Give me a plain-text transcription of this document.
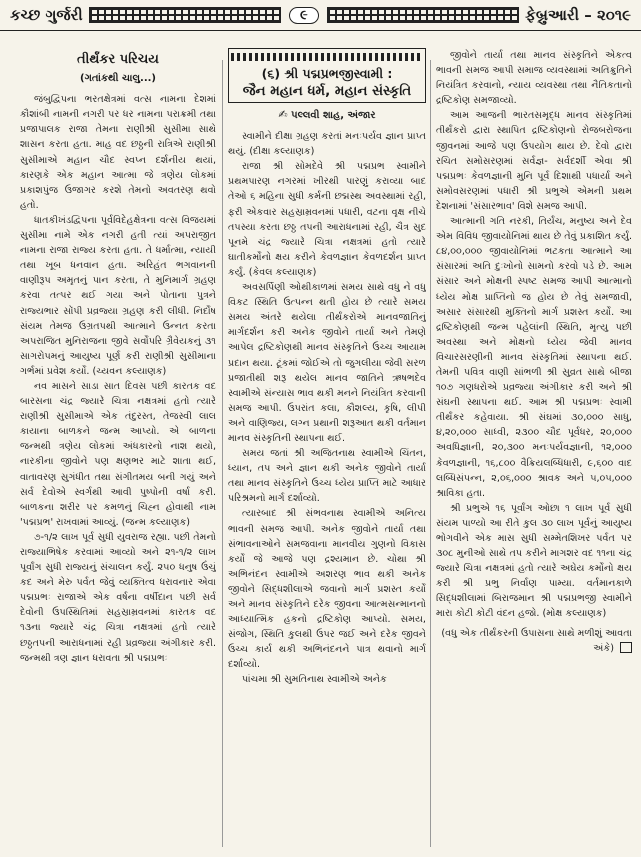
કચ્છ ગુર્જરી	૯	ફેબ્રુઆરી – ૨૦૧૯
તીર્થંકર પરિચય
(ગતાંકથી ચાલુ...)

જંબુદ્વિપના ભરતક્ષેત્રમાં વત્સ નામના દેશમાં કૌશાંબી નામની નગરી પર ધર નામના પરાક્રમી તથા પ્રજાપાલક રાજા તેમના રાણીશ્રી સુસીમા સાથે શાસન કરતા હતા. માહ વદ છઠ્ઠની રાત્રિએ રાણીશ્રી સુસીમાએ મહાન ચૌદ સ્વપ્ન દર્શનીય થયાં, કારણકે એક મહાન આત્મા જે ત્રણેય લોકમાં પ્રકાશપુંજ ઉજાગર કરશે તેમનો અવતરણ થવો હતો.

ધાતકીખંડદ્વિપના પૂર્વવિદેહક્ષેત્રના વત્સ વિજયમાં સુસીમા નામે એક નગરી હતી ત્યાં અપરાજીત નામના રાજા રાજ્ય કરતા હતા. તે ધર્માત્મા, ન્યાયી તથા ખૂબ ધનવાન હતા. અરિહંત ભગવાનની વાણીરૂપ અમૃતનું પાન કરતા, તે મુનિમાર્ગ ગ્રહણ કરવા તત્પર થઈ ગયા અને પોતાના પુત્રને રાજ્યભાર સોંપી પ્રવ્રજ્યા ગ્રહણ કરી લીધી. નિર્દોષ સંયમ તેમજ ઉગ્રતપથી આત્માને ઉન્નત કરતા અપરાજિત મુનિરાજના જીવે સર્વોપરિ ગ્રૈવેયકનું ૩૧ સાગરોપમનું આયુષ્ય પૂર્ણ કરી રાણીશ્રી સુસીમાના ગર્ભમાં પ્રવેશ કર્યો. (ચ્યવન કલ્યાણક)

નવ માસને સાડા સાત દિવસ પછી કારતક વદ બારસના ચંદ્ર જ્યારે ચિત્રા નક્ષત્રમાં હતો ત્યારે રાણીશ્રી સુસીમાએ એક તંદુરસ્ત, તેજસ્વી લાલ કાયાના બાળકને જન્મ આપ્યો. એ બાળના જન્મથી ત્રણેય લોકમાં અંધકારનો નાશ થયો, નારકીના જીવોને પણ ક્ષણભર માટે શાતા થઈ, વાતાવરણ સુગંધીત તથા સંગીતમય બની ગયું અને સર્વ દેવોએ સ્વર્ગથી આવી પુષ્પોની વર્ષા કરી. બાળકના શરીર પર કમળનું ચિહ્ન હોવાથી નામ 'પદ્મપ્રભ' રાખવામાં આવ્યું. (જન્મ કલ્યાણક)

૭-૧/૨ લાખ પૂર્વ સુધી યુવરાજ રહ્યા. પછી તેમનો રાજ્યાભિષેક કરવામાં આવ્યો અને ૨૧-૧/૨ લાખ પૂર્વાંગ સુધી રાજ્યનું સંચાલન કર્યું. ૨૫૦ ધનુષ ઉંચું કદ અને મેરુ પર્વત જેવું વ્યક્તિત્વ ધરાવનાર એવા પદ્મપ્રભઃ રાજાએ એક વર્ષના વર્ષીદાન પછી સર્વ દેવોની ઉપસ્થિતિમાં સહસ્રામ્રવનમાં કારતક વદ ૧૩ના જ્યારે ચંદ્ર ચિત્રા નક્ષત્રમાં હતો ત્યારે છઠ્ઠતપની આરાધનામાં રહી પ્રવ્રજ્યા અંગીકાર કરી. જન્મથી ત્રણ જ્ઞાન ધરાવતા શ્રી પદ્મપ્રભઃ

(૬) શ્રી પદ્મપ્રભજીસ્વામી :
જૈન મહાન ધર્મ, મહાન સંસ્કૃતિ
✍ પલ્લવી શાહ, અંજાર

સ્વામીને દીક્ષા ગ્રહણ કરતાં મનઃપર્યવ જ્ઞાન પ્રાપ્ત થયું. (દીક્ષા કલ્યાણક)

રાજા શ્રી સોમદેવે શ્રી પદ્મપ્રભ સ્વામીને પ્રથમપારણ નગરમાં ખીરથી પારણું કરાવ્યા બાદ તેઓ ૬ મહિના સુધી કર્મની છદ્મસ્થ અવસ્થામાં રહી, ફરી એકવાર સહસ્રામ્રવનમાં પધારી, વટના વૃક્ષ નીચે તપસ્યા કરતા છઠ્ઠ તપની આરાધનામાં રહી, ચૈત્ર સુદ પૂનમે ચંદ્ર જ્યારે ચિત્રા નક્ષત્રમાં હતો ત્યારે ઘાતીકર્મોનો ક્ષય કરીને કેવળજ્ઞાન કેવળદર્શન પ્રાપ્ત કર્યું. (કેવલ કલ્યાણક)

અવસર્પિણી ઓથીકાળમાં સમય સાથે વધુ ને વધુ વિકટ સ્થિતિ ઉત્પન્ન થતી હોય છે ત્યારે સમય સમય અંતરે થયેલા તીર્થંકરોએ માનવજાતિનું માર્ગદર્શન કરી અનેક જીવોને તાર્યા અને તેમણે આપેલ દ્રષ્ટિકોણથી માનવ સંસ્કૃતિને ઉચ્ચ આયામ પ્રદાન થયા. ટૂંકમાં જોઈએ તો જુગલીયા જેવી સરળ પ્રજાતીથી શરૂ થયેલ માનવ જાતિને ઋષભદેવ સ્વામીએ સંન્યાસ ભાવ થકી મનને નિયંત્રિત કરવાની સમજ આપી. ઉપરાંત કલા, કૌશલ્ય, કૃષિ, લીપી અને વાણિજ્ય, લગ્ન પ્રથાની શરૂઆત થકી વર્તમાન માનવ સંસ્કૃતિની સ્થાપના થઈ.

સમય જતાં શ્રી અજિતનાથ સ્વામીએ ચિંતન, ધ્યાન, તપ અને જ્ઞાન થકી અનેક જીવોને તાર્યા તથા માનવ સંસ્કૃતિને ઉચ્ચ ધ્યેય પ્રાપ્તિ માટે આધાર પરિશ્રમનો માર્ગ દર્શાવ્યો.

ત્યારબાદ શ્રી સંભવનાથ સ્વામીએ અનિત્ય ભાવની સમજ આપી. અનેક જીવોને તાર્યા તથા સંભાવનાઓને સમજવાના માનવીય ગુણનો વિકાસ કર્યો જે આજે પણ દ્રશ્યમાન છે. ચોથા શ્રી અભિનંદન સ્વામીએ અશરણ ભાવ થકી અનેક જીવોને સિદ્ધશીલાએ જવાનો માર્ગ પ્રશસ્ત કર્યો અને માનવ સંસ્કૃતિને દરેક જીવના આત્મસન્માનનો આધ્યાત્મિક હકનો દ્રષ્ટિકોણ આપ્યો. સમય, સંજોગ, સ્થિતિ કુલથી ઉપર જઈ અને દરેક જીવને ઉચ્ચ કાર્ય થકી અભિનંદનને પાત્ર થવાનો માર્ગ દર્શાવ્યો.

પાંચમા શ્રી સુમતિનાથ સ્વામીએ અનેક

જીવોને તાર્યા તથા માનવ સંસ્કૃતિને એકત્વ ભાવની સમજ આપી સમાજ વ્યવસ્થામાં અતિક્રુતિને નિયંત્રિત કરવાનો, ન્યાય વ્યવસ્થા તથા નૈતિકતાનો દ્રષ્ટિકોણ સમજાવ્યો.

આમ આજની ભારતસમૃદ્ધ માનવ સંસ્કૃતિમાં તીર્થંકરો દ્વારા સ્થાપિત દ્રષ્ટિકોણનો રોજબરોજના જીવનમાં આજે પણ ઉપયોગ થાય છે. દેવો દ્વારા રચિત સમોસરણમાં સર્વજ્ઞ- સર્વદર્શી એવા શ્રી પદ્મપ્રભઃ કેવળજ્ઞાની મુનિ પૂર્વ દિશાથી પધાર્યા અને સમોવસરણમાં પધારી શ્રી પ્રભુએ એમની પ્રથમ દેશનામાં 'સંસારભાવ' વિશે સમજ આપી.

આત્માની ગતિ નરકી, તિર્યંચ, મનુષ્ય અને દેવ એમ વિવિધ જીવાયોનિમાં થાય છે તેવું પ્રકાશિત કર્યું. ૮૪,૦૦,૦૦૦ જીવાયોનિમાં ભટકતા આત્માને આ સંસારમાં અતિ દુઃખોનો સામનો કરવો પડે છે. આમ સંસાર અને મોક્ષની સ્પષ્ટ સમજ આપી આત્માનો ધ્યેય મોક્ષ પ્રાપ્તિનો જ હોય છે તેવું સમજાવી, અસાર સંસારથી મુક્તિનો માર્ગ પ્રશસ્ત કર્યો. આ દ્રષ્ટિકોણથી જન્મ પહેલાંની સ્થિતિ, મૃત્યુ પછી અવસ્થા અને મોક્ષનો ધ્યેય જેવી માનવ વિચારસરણીની માનવ સંસ્કૃતિમાં સ્થાપના થઈ. તેમની પવિત્ર વાણી સાંભળી શ્રી સુવ્રત સાથે બીજા ૧૦૭ ગણધરોએ પ્રવ્રજ્યા અંગીકાર કરી અને શ્રી સંઘની સ્થાપના થઈ. આમ શ્રી પદ્મપ્રભઃ સ્વામી તીર્થંકર કહેવાયા. શ્રી સંઘમાં ૩૦,૦૦૦ સાધુ, ૪,૨૦,૦૦૦ સાધ્વી, ૨૩૦૦ ચૌદ પૂર્વધર, ૨૦,૦૦૦ અવધિજ્ઞાની, ૨૦,૩૦૦ મનઃપર્યવજ્ઞાની, ૧૨,૦૦૦ કેવળજ્ઞાની, ૧૬,૮૦૦ વૈક્રિયલબ્ધિધારી, ૯,૬૦૦ વાદ લબ્ધિસંપન્ન, ૨,૦૬,૦૦૦ શ્રાવક અને ૫,૦૫,૦૦૦ શ્રાવિકા હતા.

શ્રી પ્રભુએ ૧૬ પૂર્વાંગ ઓછા ૧ લાખ પૂર્વ સુધી સંયમ પાળ્યો આ રીતે કુલ ૩૦ લાખ પૂર્વનું આયુષ્ય ભોગવીને એક માસ સુધી સમ્મેતશિખર પર્વત પર ૩૦૮ મુનીઓ સાથે તપ કરીને માગશર વદ ૧૧ના ચંદ્ર જ્યારે ચિત્રા નક્ષત્રમાં હતો ત્યારે અઘેય કર્મોનો ક્ષય કરી શ્રી પ્રભુ નિર્વાણ પામ્યા. વર્તમાનકાળે સિદ્ધશીલામાં બિરાજમાન શ્રી પદ્મપ્રભજી સ્વામીને મારા કોટી કોટી વંદન હજો. (મોક્ષ કલ્યાણક)

(વધુ એક તીર્થંકરની ઉપાસના સાથે મળીશું આવતા અંકે)
